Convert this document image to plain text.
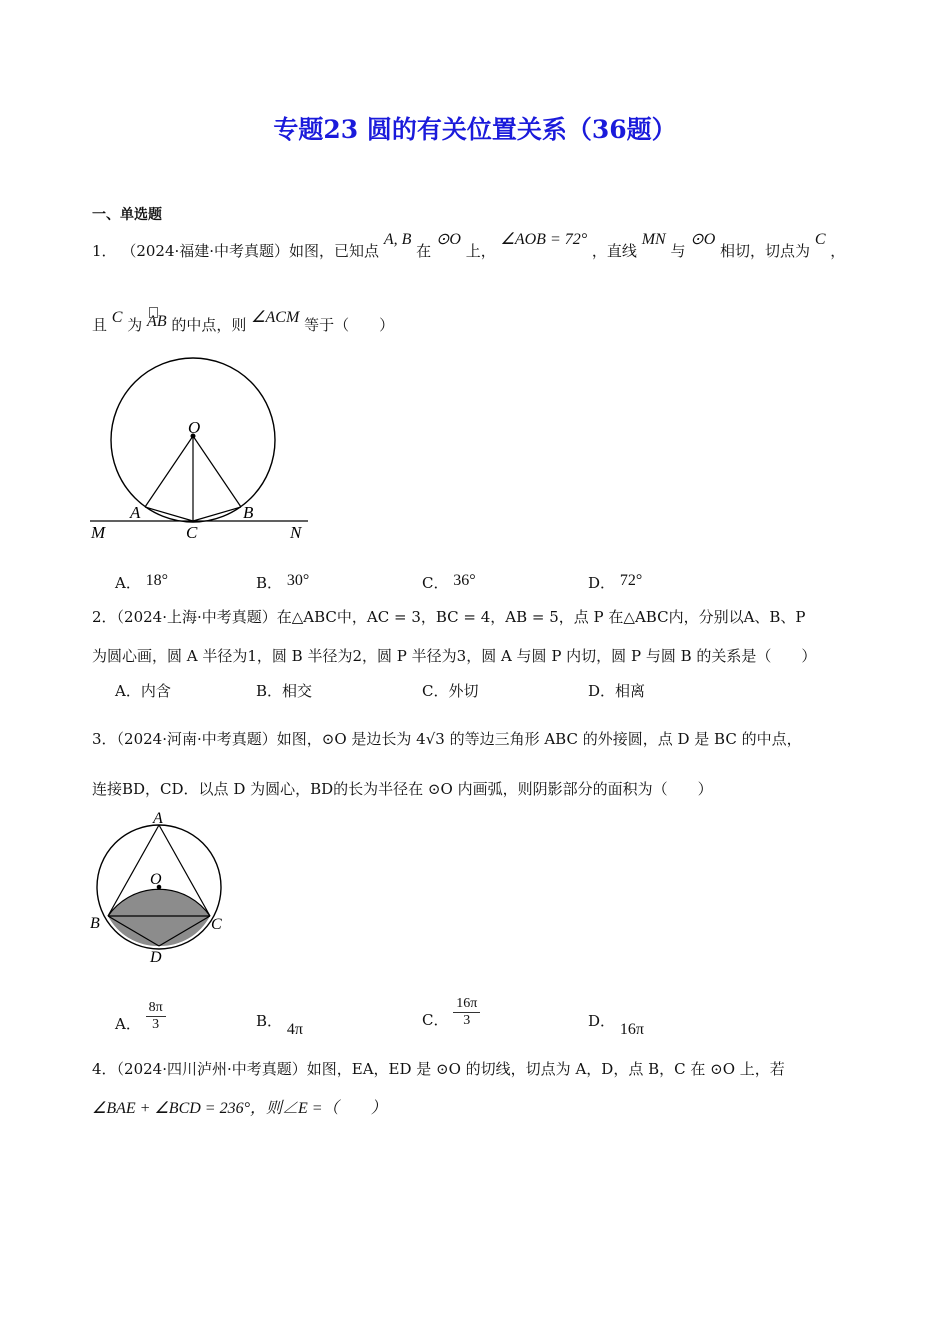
专题23 圆的有关位置关系（36题）
一、单选题
1． （2024·福建·中考真题）如图，已知点 A, B 在 ⊙O 上， ∠AOB = 72° ，直线 MN 与 ⊙O 相切，切点为 C ，
且 C 为 AB 的中点，则 ∠ACM 等于（　　）
O
A	B
C
M	N
A． 18°	B． 30°	C． 36°	D． 72°
2．（2024·上海·中考真题）在△ABC中，AC = 3，BC = 4，AB = 5，点 P 在△ABC内，分别以A、B、P
为圆心画，圆 A 半径为1，圆 B 半径为2，圆 P 半径为3，圆 A 与圆 P 内切，圆 P 与圆 B 的关系是（　　）
A．内含	B．相交	C．外切	D．相离
3．（2024·河南·中考真题）如图，⊙O 是边长为 4√3 的等边三角形 ABC 的外接圆，点 D 是 BC 的中点，
连接BD，CD．以点 D 为圆心，BD的长为半径在 ⊙O 内画弧，则阴影部分的面积为（　　）
A
O
B	C
D
A． $\frac{8\pi}{3}$	B． 4π
C． $\frac{16\pi}{3}$	D． 16π
4．（2024·四川泸州·中考真题）如图，EA，ED 是 ⊙O 的切线，切点为 A，D，点 B，C 在 ⊙O 上，若
∠BAE + ∠BCD = 236°，则∠E =（　　）
